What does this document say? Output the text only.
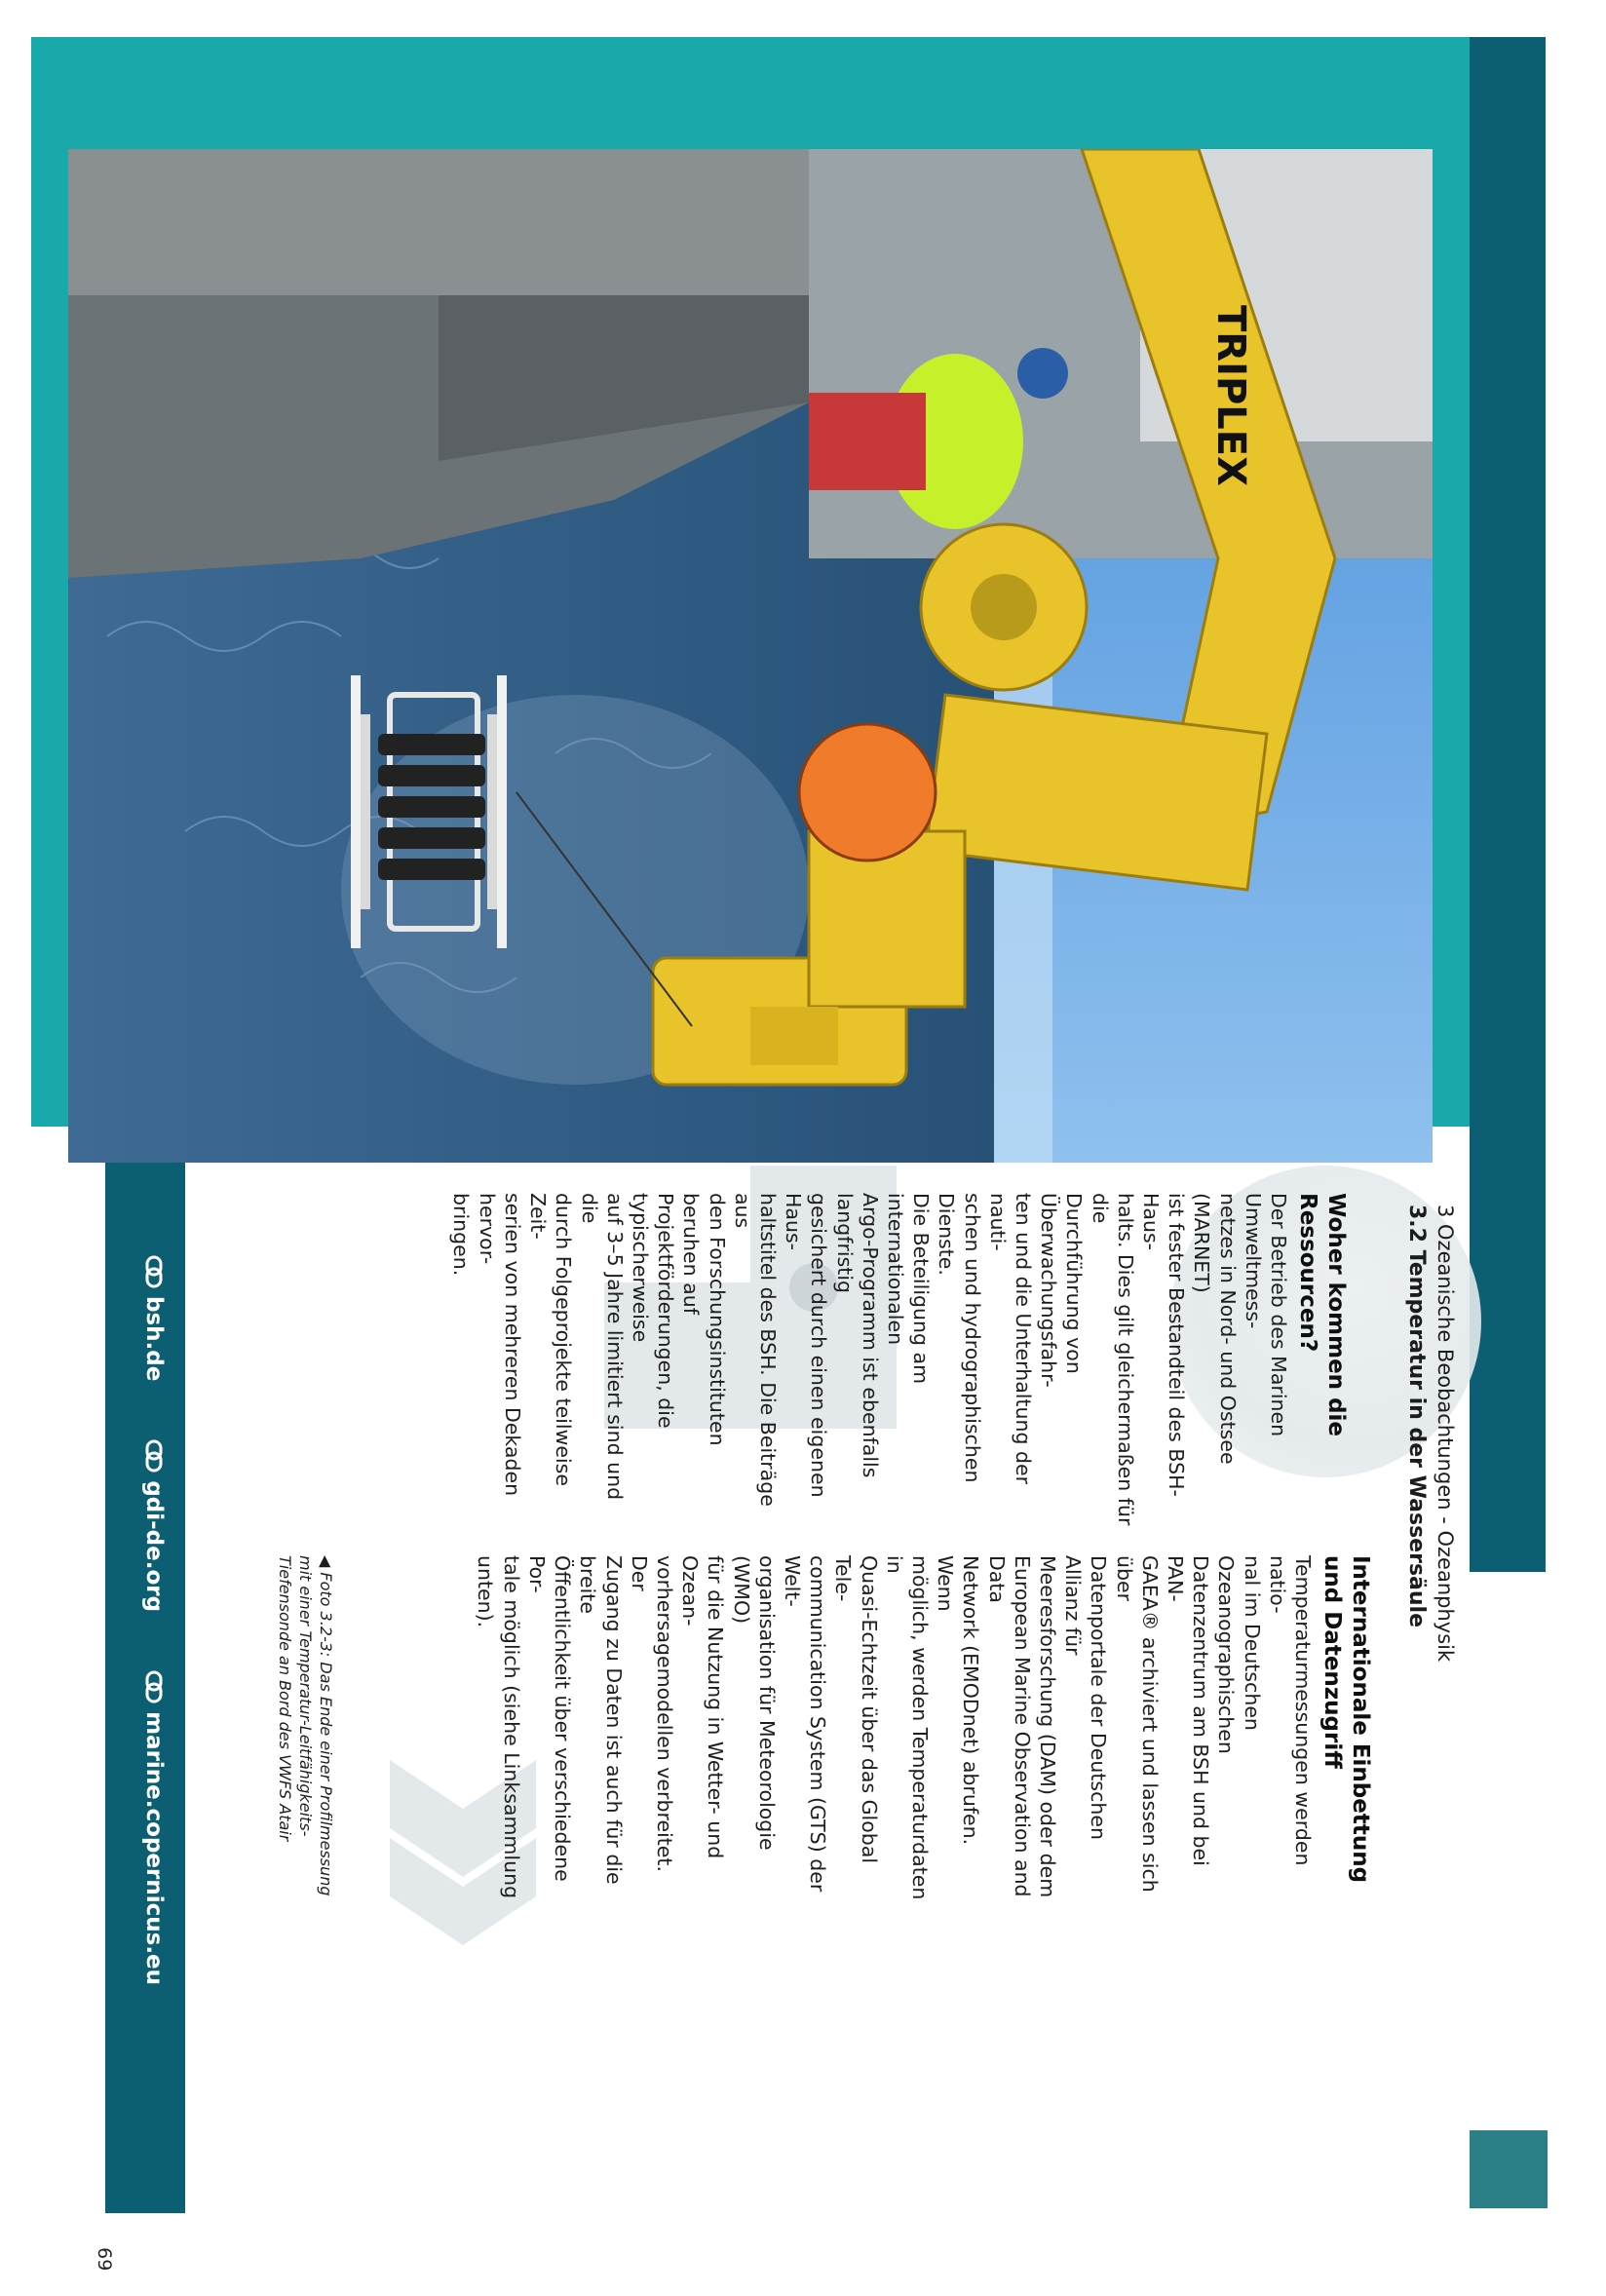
TRIPLEX
3 Ozeanische Beobachtungen - Ozeanphysik
3.2 Temperatur in der Wassersäule
Woher kommen die
Ressourcen?

Der Betrieb des Marinen Umweltmess-
netzes in Nord- und Ostsee (MARNET)
ist fester Bestandteil des BSH-Haus-
halts. Dies gilt gleichermaßen für die
Durchführung von Überwachungsfahr-
ten und die Unterhaltung der nauti-
schen und hydrographischen Dienste.
Die Beteiligung am internationalen
Argo-Programm ist ebenfalls langfristig
gesichert durch einen eigenen Haus-
haltstitel des BSH. Die Beiträge aus
den Forschungsinstituten beruhen auf
Projektförderungen, die typischerweise
auf 3–5 Jahre limitiert sind und die
durch Folgeprojekte teilweise Zeit-
serien von mehreren Dekaden hervor-
bringen.

Internationale Einbettung
und Datenzugriff

Temperaturmessungen werden natio-
nal im Deutschen Ozeanographischen
Datenzentrum am BSH und bei PAN-
GAEA® archiviert und lassen sich über
Datenportale der Deutschen Allianz für
Meeresforschung (DAM) oder dem
European Marine Observation and Data
Network (EMODnet) abrufen. Wenn
möglich, werden Temperaturdaten in
Quasi-Echtzeit über das Global Tele-
communication System (GTS) der Welt-
organisation für Meteorologie (WMO)
für die Nutzung in Wetter- und Ozean-
vorhersagemodellen verbreitet. Der
Zugang zu Daten ist auch für die breite
Öffentlichkeit über verschiedene Por-
tale möglich (siehe Linksammlung
unten).

◀ Foto 3.2-3: Das Ende einer Profilmessung
mit einer Temperatur-Leitfähigkeits-
Tiefensonde an Bord des VWFS Atair
bsh.de
gdi-de.org
marine.copernicus.eu
69
